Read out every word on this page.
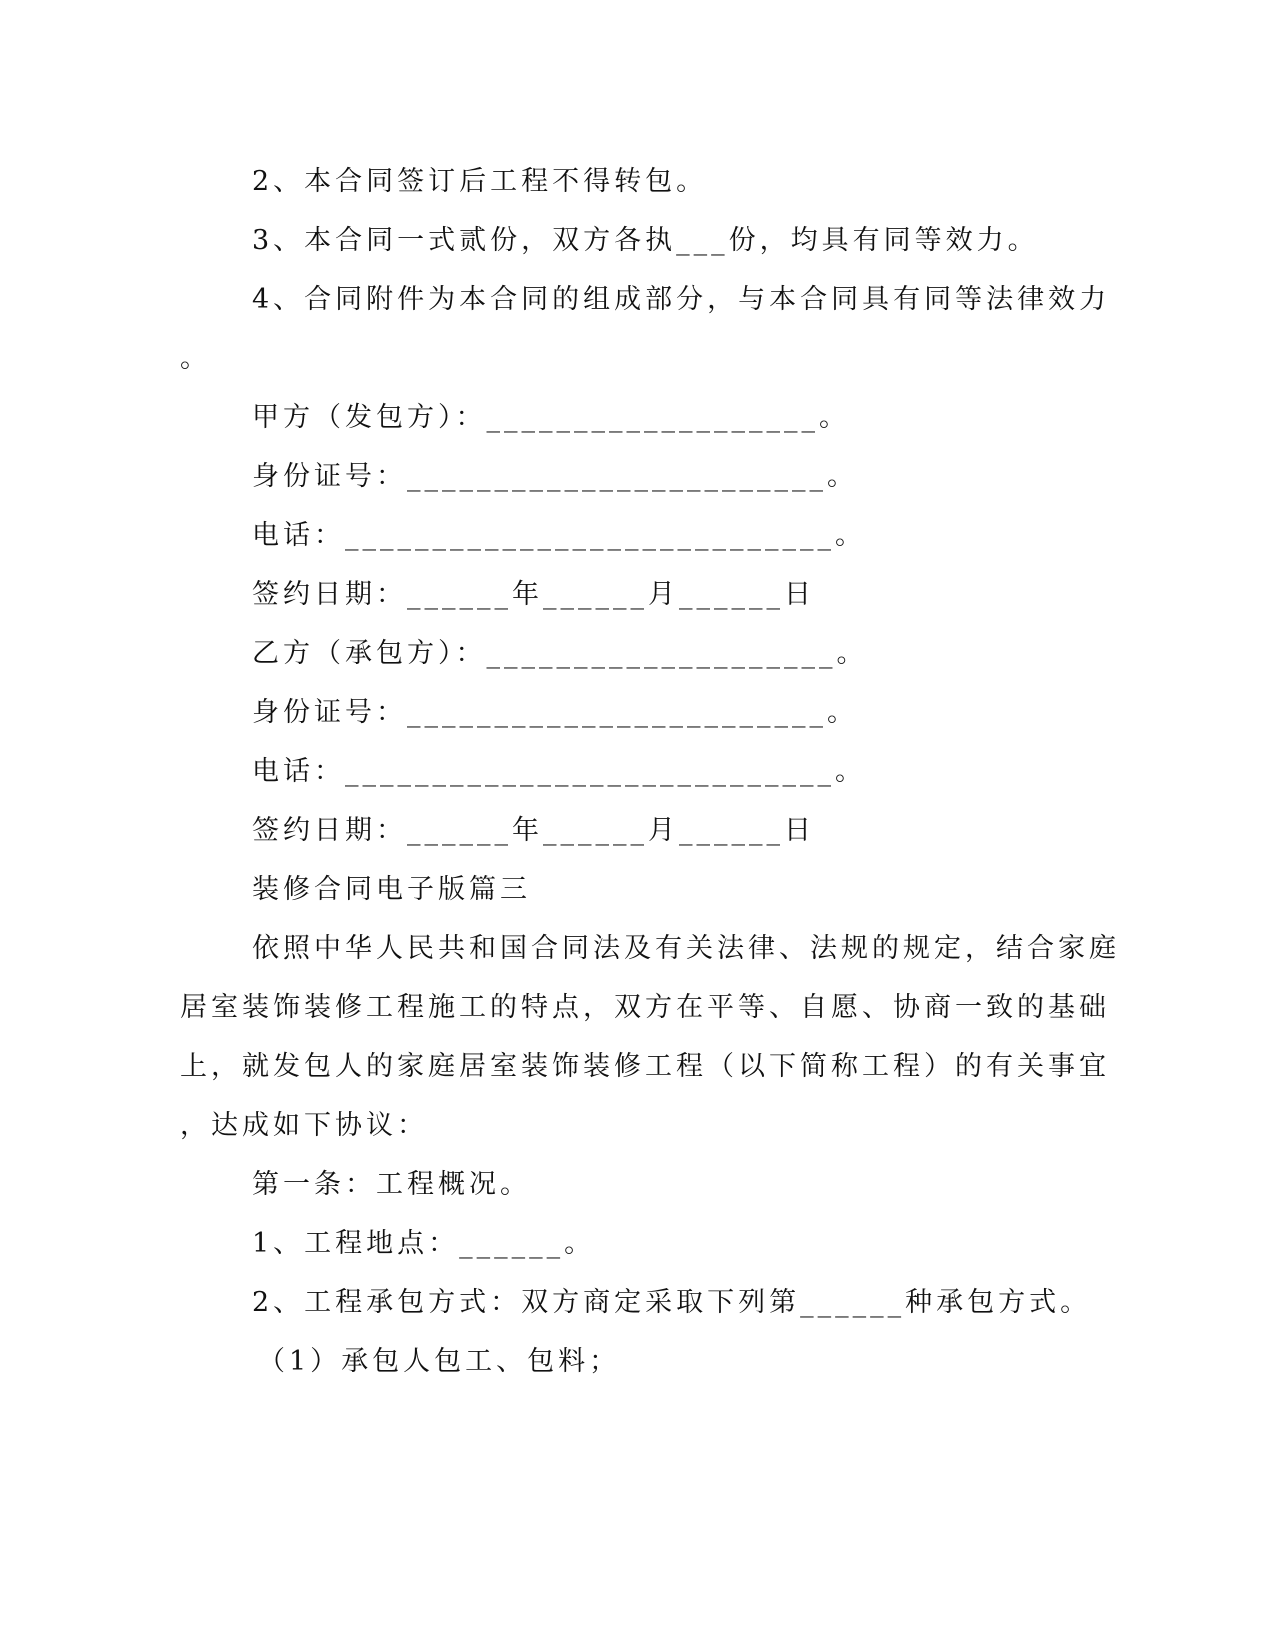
2、本合同签订后工程不得转包。
3、本合同一式贰份，双方各执___份，均具有同等效力。
4、合同附件为本合同的组成部分，与本合同具有同等法律效力
。
甲方（发包方）：___________________。
身份证号：________________________。
电话：____________________________。
签约日期：______年______月______日
乙方（承包方）：____________________。
身份证号：________________________。
电话：____________________________。
签约日期：______年______月______日
装修合同电子版篇三
依照中华人民共和国合同法及有关法律、法规的规定，结合家庭
居室装饰装修工程施工的特点，双方在平等、自愿、协商一致的基础
上，就发包人的家庭居室装饰装修工程（以下简称工程）的有关事宜
，达成如下协议：
第一条：工程概况。
1、工程地点：______。
2、工程承包方式：双方商定采取下列第______种承包方式。
（1）承包人包工、包料；
